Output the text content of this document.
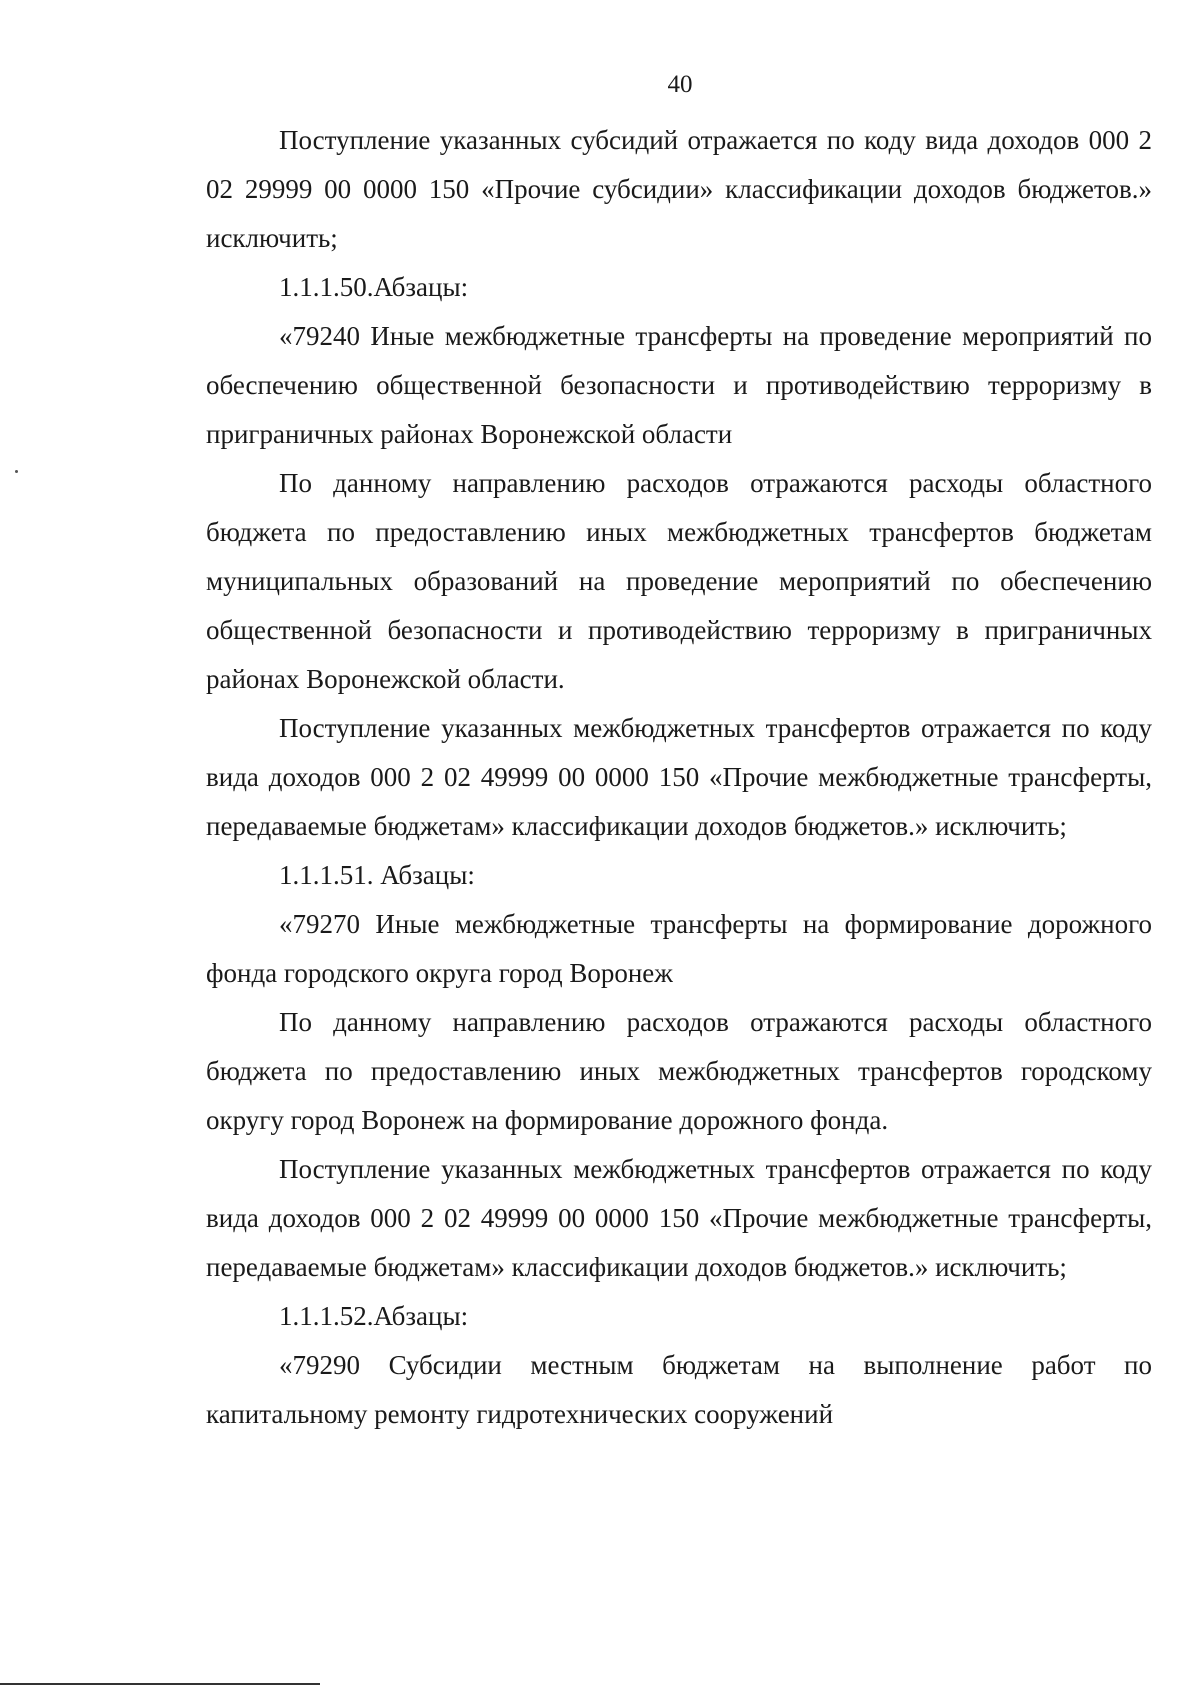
40

Поступление указанных субсидий отражается по коду вида доходов 000 2 02 29999 00 0000 150 «Прочие субсидии» классификации доходов бюджетов.» исключить;

1.1.1.50.Абзацы:

«79240 Иные межбюджетные трансферты на проведение мероприятий по обеспечению общественной безопасности и противодействию терроризму в приграничных районах Воронежской области

По данному направлению расходов отражаются расходы областного бюджета по предоставлению иных межбюджетных трансфертов бюджетам муниципальных образований на проведение мероприятий по обеспечению общественной безопасности и противодействию терроризму в приграничных районах Воронежской области.

Поступление указанных межбюджетных трансфертов отражается по коду вида доходов 000 2 02 49999 00 0000 150 «Прочие межбюджетные трансферты, передаваемые бюджетам» классификации доходов бюджетов.» исключить;

1.1.1.51. Абзацы:

«79270 Иные межбюджетные трансферты на формирование дорожного фонда городского округа город Воронеж

По данному направлению расходов отражаются расходы областного бюджета по предоставлению иных межбюджетных трансфертов городскому округу город Воронеж на формирование дорожного фонда.

Поступление указанных межбюджетных трансфертов отражается по коду вида доходов 000 2 02 49999 00 0000 150 «Прочие межбюджетные трансферты, передаваемые бюджетам» классификации доходов бюджетов.» исключить;

1.1.1.52.Абзацы:

«79290 Субсидии местным бюджетам на выполнение работ по капитальному ремонту гидротехнических сооружений
